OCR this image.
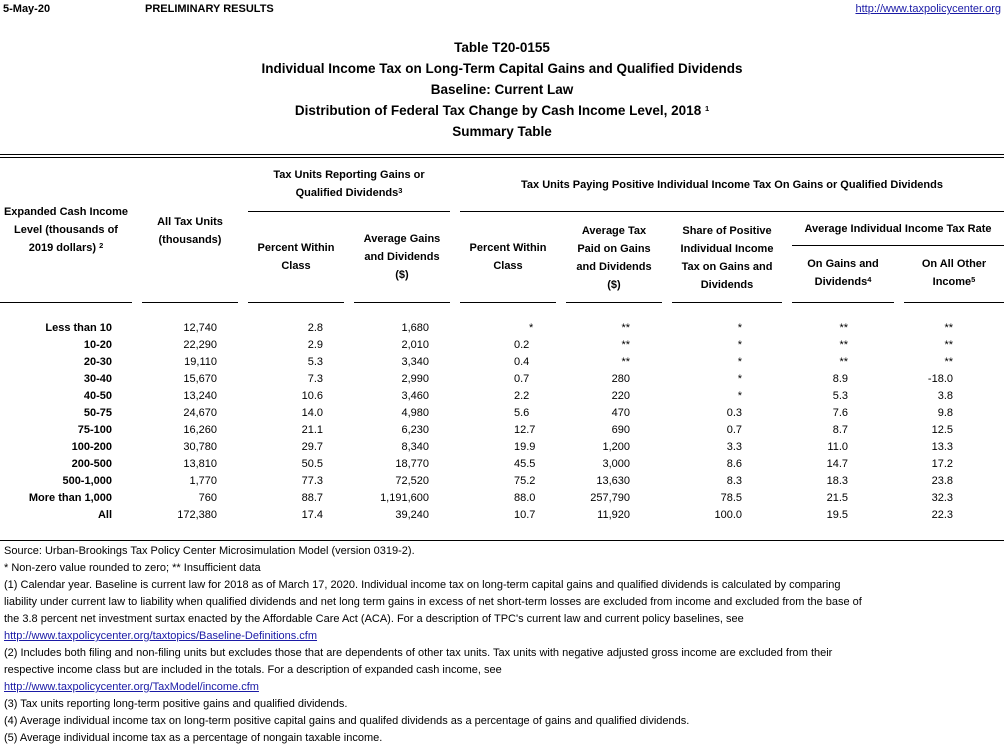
5-May-20	PRELIMINARY RESULTS	http://www.taxpolicycenter.org
Table T20-0155
Individual Income Tax on Long-Term Capital Gains and Qualified Dividends
Baseline: Current Law
Distribution of Federal Tax Change by Cash Income Level, 2018 $^1$
Summary Table
Expanded Cash Income
Level (thousands of
2019 dollars) $^2$
All Tax Units
(thousands)
Tax Units Reporting Gains or
Qualified Dividends$^3$	Tax Units Paying Positive Individual Income Tax On Gains or Qualified Dividends
Percent Within
Class
Average Gains
and Dividends
($)
Percent Within
Class
Average Tax
Paid on Gains
and Dividends
($)
Share of Positive
Individual Income
Tax on Gains and
Dividends
Average Individual Income Tax Rate
On Gains and
Dividends$^4$
On All Other
Income$^5$
Less than 10	12,740	2.8	1,680	*	**	*	**	**
10-20	22,290	2.9	2,010	0.2	**	*	**	**
20-30	19,110	5.3	3,340	0.4	**	*	**	**
30-40	15,670	7.3	2,990	0.7	280	*	8.9	-18.0
40-50	13,240	10.6	3,460	2.2	220	*	5.3	3.8
50-75	24,670	14.0	4,980	5.6	470	0.3	7.6	9.8
75-100	16,260	21.1	6,230	12.7	690	0.7	8.7	12.5
100-200	30,780	29.7	8,340	19.9	1,200	3.3	11.0	13.3
200-500	13,810	50.5	18,770	45.5	3,000	8.6	14.7	17.2
500-1,000	1,770	77.3	72,520	75.2	13,630	8.3	18.3	23.8
More than 1,000	760	88.7	1,191,600	88.0	257,790	78.5	21.5	32.3
All	172,380	17.4	39,240	10.7	11,920	100.0	19.5	22.3
Source: Urban-Brookings Tax Policy Center Microsimulation Model (version 0319-2).
* Non-zero value rounded to zero; ** Insufficient data
(1) Calendar year. Baseline is current law for 2018 as of March 17, 2020. Individual income tax on long-term capital gains and qualified dividends is calculated by comparing
liability under current law to liability when qualified dividends and net long term gains in excess of net short-term losses are excluded from income and excluded from the base of
the 3.8 percent net investment surtax enacted by the Affordable Care Act (ACA). For a description of TPC's current law and current policy baselines, see
http://www.taxpolicycenter.org/taxtopics/Baseline-Definitions.cfm
(2) Includes both filing and non-filing units but excludes those that are dependents of other tax units. Tax units with negative adjusted gross income are excluded from their
respective income class but are included in the totals. For a description of expanded cash income, see
http://www.taxpolicycenter.org/TaxModel/income.cfm
(3) Tax units reporting long-term positive gains and qualified dividends.
(4) Average individual income tax on long-term positive capital gains and qualifed dividends as a percentage of gains and qualified dividends.
(5) Average individual income tax as a percentage of nongain taxable income.
